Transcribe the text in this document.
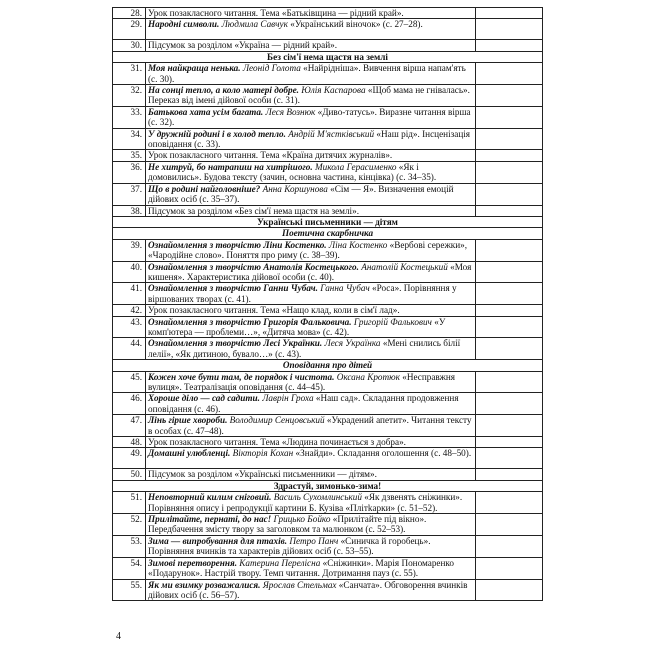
28.	Урок позакласного читання. Тема «Батьківщина — рідний край».	
29.	Народні символи. Людмила Савчук «Український віночок» (с. 27–28).	
30.	Підсумок за розділом «Україна — рідний край».	
Без сім'ї нема щастя на землі		
31.	Моя найкраща ненька. Леонід Голота «Найрідніша». Вивчення вірша напам'ять (с. 30).	
32.	На сонці тепло, а коло матері добре. Юлія Каспарова «Щоб мама не гнівалась». Переказ від імені дійової особи (с. 31).	
33.	Батькова хата усім багата. Леся Вознюк «Диво-татусь». Виразне читання вірша (с. 32).	
34.	У дружній родині і в холод тепло. Андрій М'ястківський «Наш рід». Інсценізація оповідання (с. 33).	
35.	Урок позакласного читання. Тема «Країна дитячих журналів».	
36.	Не хитруй, бо натрапиш на хитрішого. Микола Герасименко «Як і домовились». Будова тексту (зачин, основна частина, кінцівка) (с. 34–35).	
37.	Що в родині найголовніше? Анна Коршунова «Сім — Я». Визначення емоцій дійових осіб (с. 35–37).	
38.	Підсумок за розділом «Без сім'ї нема щастя на землі».	
Українські письменники — дітям		
Поетична скарбничка		
39.	Ознайомлення з творчістю Ліни Костенко. Ліна Костенко «Вербові сережки», «Чародійне слово». Поняття про риму (с. 38–39).	
40.	Ознайомлення з творчістю Анатолія Костецького. Анатолій Костецький «Моя кишеня». Характеристика дійової особи (с. 40).	
41.	Ознайомлення з творчістю Ганни Чубач. Ганна Чубач «Роса». Порівняння у віршованих творах (с. 41).	
42.	Урок позакласного читання. Тема «Нащо клад, коли в сім'ї лад».	
43.	Ознайомлення з творчістю Григорія Фальковича. Григорій Фалькович «У комп'ютера — проблеми…», «Дитяча мова» (с. 42).	
44.	Ознайомлення з творчістю Лесі Українки. Леся Українка «Мені снились білії лелії», «Як дитиною, бувало…» (с. 43).	
Оповідання про дітей		
45.	Кожен хоче бути там, де порядок і чистота. Оксана Кротюк «Несправжня вулиця». Театралізація оповідання (с. 44–45).	
46.	Хороше діло — сад садити. Лаврін Гроха «Наш сад». Складання продовження оповідання (с. 46).	
47.	Лінь гірше хвороби. Володимир Сенцовський «Украдений апетит». Читання тексту в особах (с. 47–48).	
48.	Урок позакласного читання. Тема «Людина починається з добра».	
49.	Домашні улюбленці. Вікторія Кохан «Знайди». Складання оголошення (с. 48–50).	
50.	Підсумок за розділом «Українські письменники — дітям».	
Здрастуй, зимонько-зима!		
51.	Неповторний килим сніговий. Василь Сухомлинський «Як дзвенять сніжинки». Порівняння опису і репродукції картини Б. Кузіва «Плітkарки» (с. 51–52).	
52.	Прилітайте, пернаті, до нас! Грицько Бойко «Прилітайте під вікно». Передбачення змісту твору за заголовком та малюнком (с. 52–53).	
53.	Зима — випробування для птахів. Петро Панч «Синичка й горобець». Порівняння вчинків та характерів дійових осіб (с. 53–55).	
54.	Зимові перетворення. Катерина Перелісна «Сніжинки». Марія Пономаренко «Подарунок». Настрій твору. Темп читання. Дотримання пауз (с. 55).	
55.	Як ми взимку розважалися. Ярослав Стельмах «Санчата». Обговорення вчинків дійових осіб (с. 56–57).	
4
